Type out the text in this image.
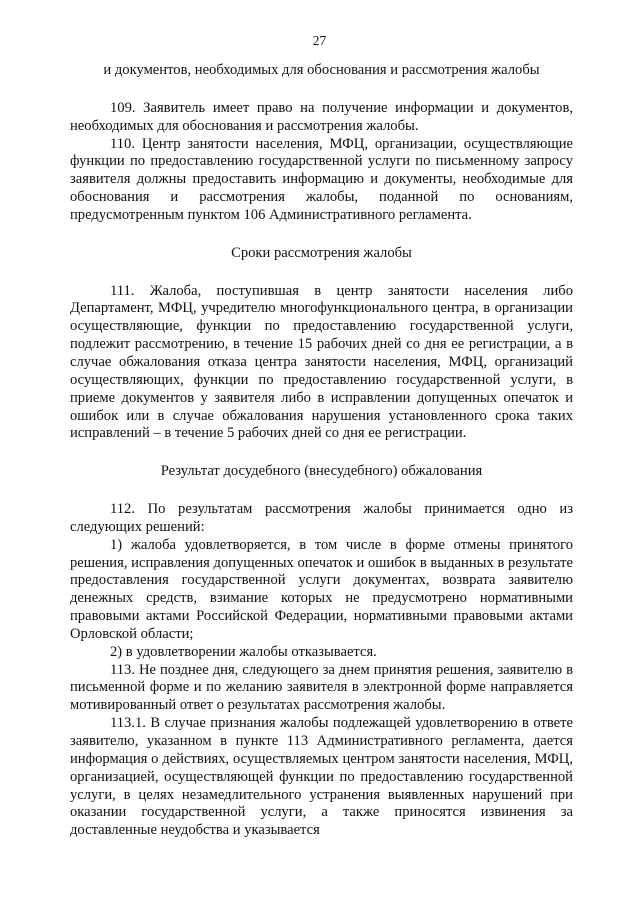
27

и документов, необходимых для обоснования и рассмотрения жалобы

109. Заявитель имеет право на получение информации и документов, необходимых для обоснования и рассмотрения жалобы.

110. Центр занятости населения, МФЦ, организации, осуществляющие функции по предоставлению государственной услуги по письменному запросу заявителя должны предоставить информацию и документы, необходимые для обоснования и рассмотрения жалобы, поданной по основаниям, предусмотренным пунктом 106 Административного регламента.

Сроки рассмотрения жалобы

111. Жалоба, поступившая в центр занятости населения либо Департамент, МФЦ, учредителю многофункционального центра, в организации осуществляющие, функции по предоставлению государственной услуги, подлежит рассмотрению, в течение 15 рабочих дней со дня ее регистрации, а в случае обжалования отказа центра занятости населения, МФЦ, организаций осуществляющих, функции по предоставлению государственной услуги, в приеме документов у заявителя либо в исправлении допущенных опечаток и ошибок или в случае обжалования нарушения установленного срока таких исправлений – в течение 5 рабочих дней со дня ее регистрации.

Результат досудебного (внесудебного) обжалования

112. По результатам рассмотрения жалобы принимается одно из следующих решений:

1) жалоба удовлетворяется, в том числе в форме отмены принятого решения, исправления допущенных опечаток и ошибок в выданных в результате предоставления государственной услуги документах, возврата заявителю денежных средств, взимание которых не предусмотрено нормативными правовыми актами Российской Федерации, нормативными правовыми актами Орловской области;

2) в удовлетворении жалобы отказывается.

113. Не позднее дня, следующего за днем принятия решения, заявителю в письменной форме и по желанию заявителя в электронной форме направляется мотивированный ответ о результатах рассмотрения жалобы.

113.1. В случае признания жалобы подлежащей удовлетворению в ответе заявителю, указанном в пункте 113 Административного регламента, дается информация о действиях, осуществляемых центром занятости населения, МФЦ, организацией, осуществляющей функции по предоставлению государственной услуги, в целях незамедлительного устранения выявленных нарушений при оказании государственной услуги, а также приносятся извинения за доставленные неудобства и указывается
